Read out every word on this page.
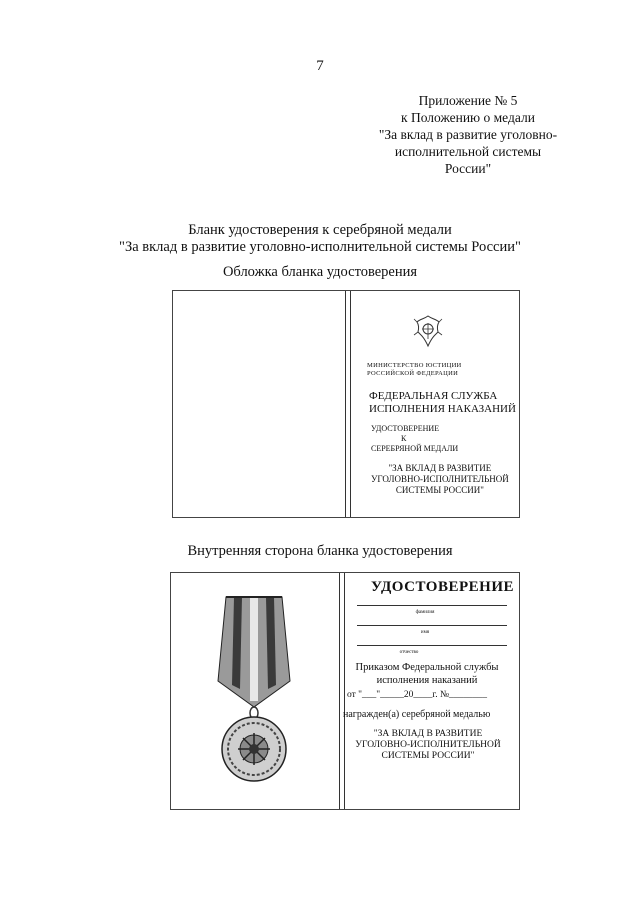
7
Приложение № 5
к Положению о медали
"За вклад в развитие уголовно-
исполнительной системы
России"
Бланк удостоверения к серебряной медали
"За вклад в развитие уголовно-исполнительной системы России"
Обложка бланка удостоверения
МИНИСТЕРСТВО ЮСТИЦИИ
РОССИЙСКОЙ ФЕДЕРАЦИИ
ФЕДЕРАЛЬНАЯ СЛУЖБА
ИСПОЛНЕНИЯ НАКАЗАНИЙ
УДОСТОВЕРЕНИЕ
К
СЕРЕБРЯНОЙ МЕДАЛИ
"ЗА ВКЛАД В РАЗВИТИЕ
УГОЛОВНО-ИСПОЛНИТЕЛЬНОЙ
СИСТЕМЫ РОССИИ"
Внутренняя сторона бланка удостоверения
УДОСТОВЕРЕНИЕ
фамилия
имя
отчество
Приказом Федеральной службы
исполнения наказаний
от "___"_____20____г. №________
награжден(а) серебряной медалью
"ЗА ВКЛАД В РАЗВИТИЕ
УГОЛОВНО-ИСПОЛНИТЕЛЬНОЙ
СИСТЕМЫ РОССИИ"
